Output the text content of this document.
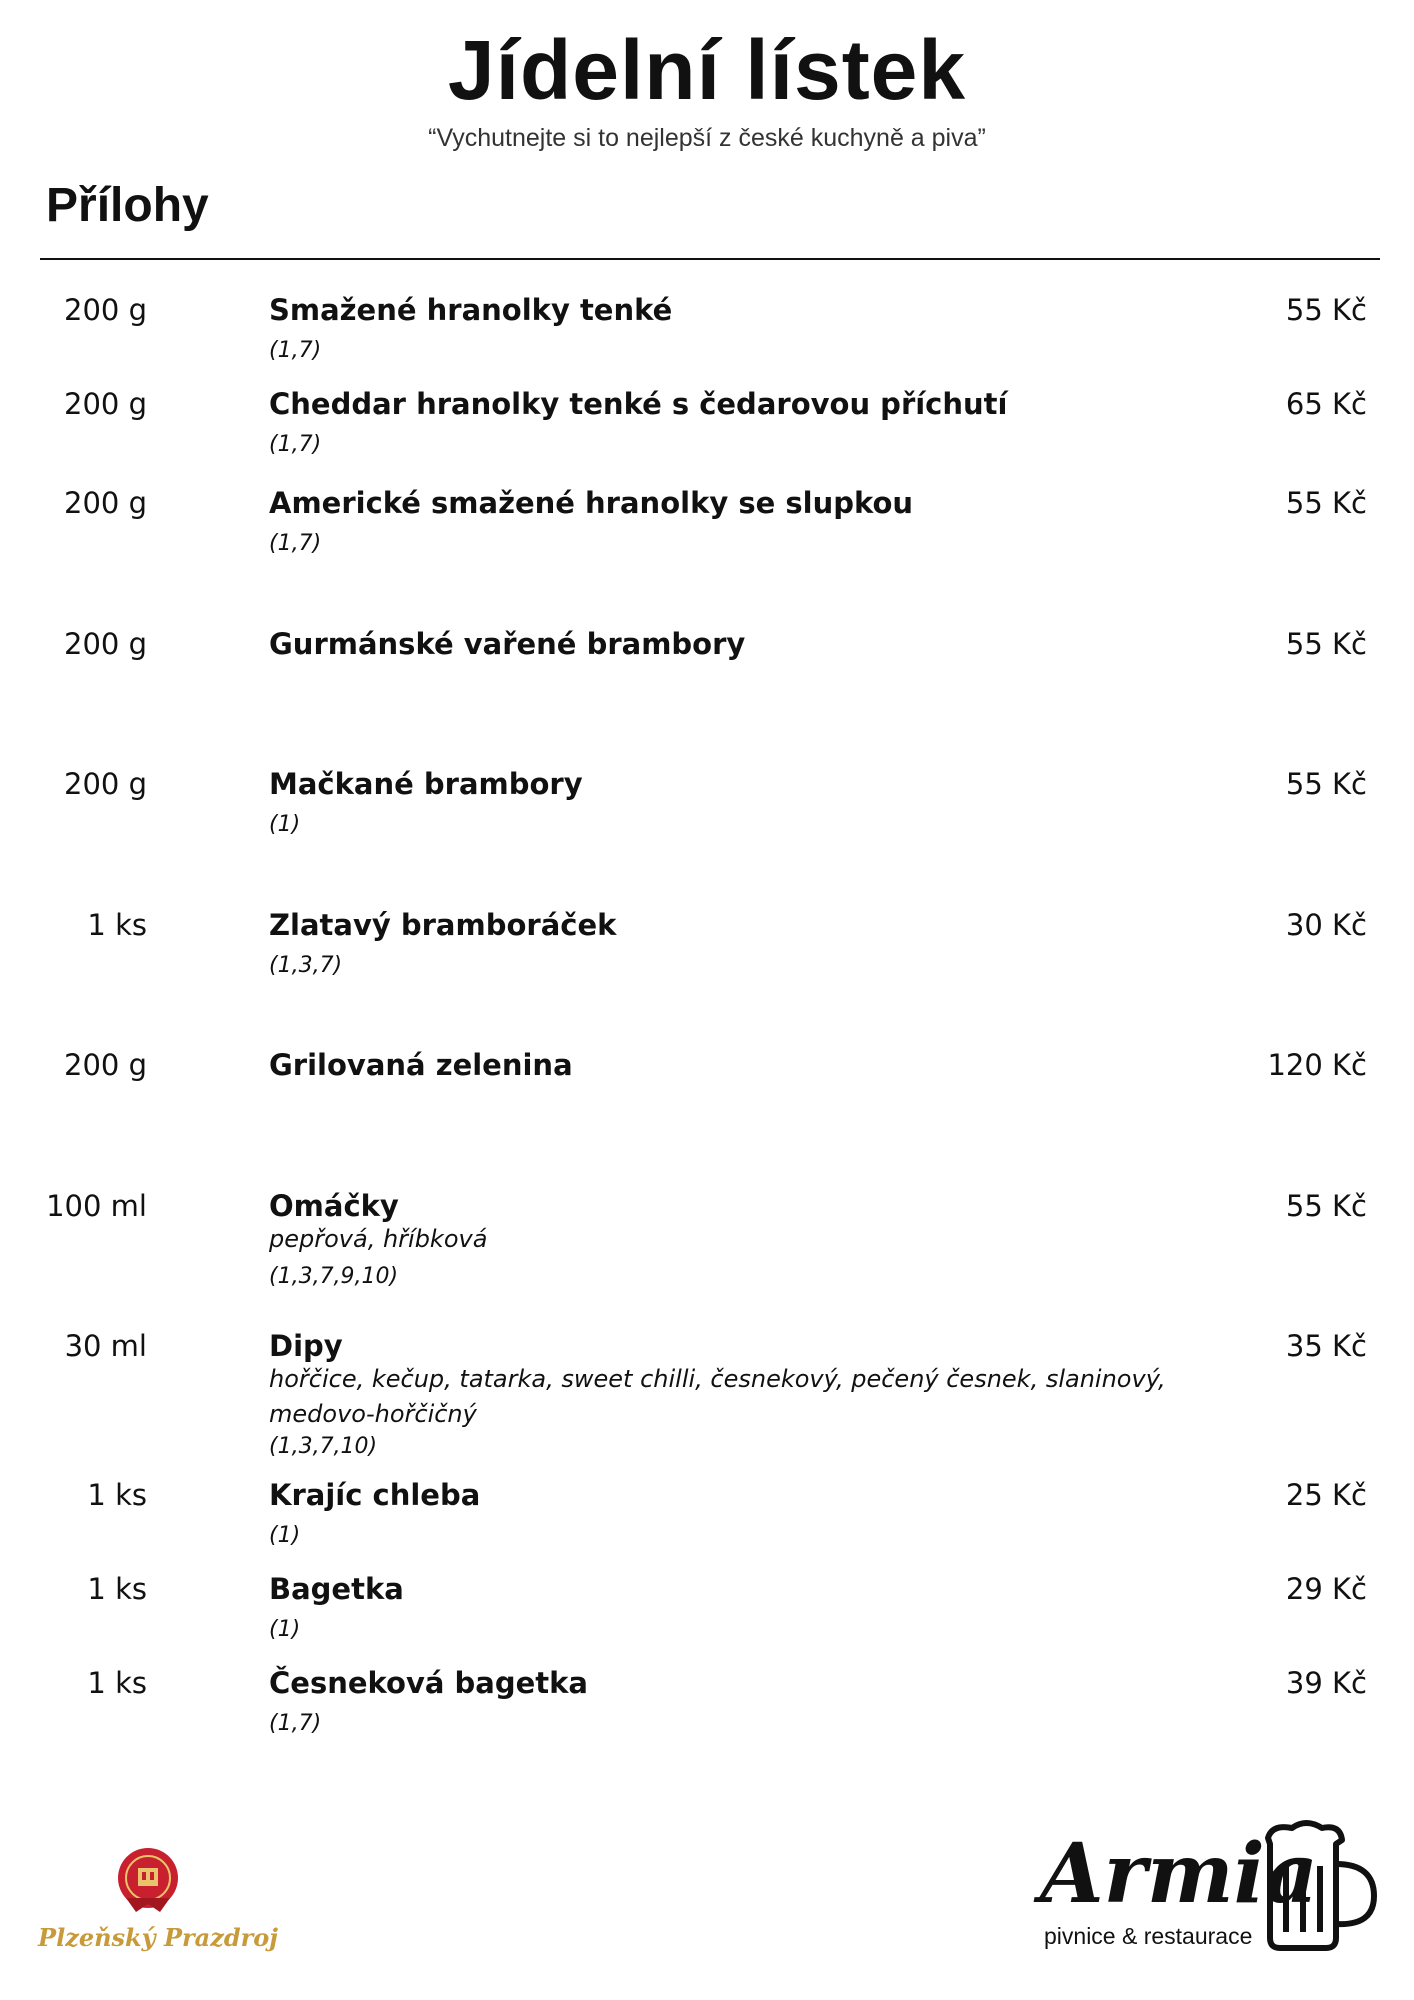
Jídelní lístek
“Vychutnejte si to nejlepší z české kuchyně a piva”
Přílohy
200 g	Smažené hranolky tenké	55 Kč
(1,7)
200 g	Cheddar hranolky tenké s čedarovou příchutí	65 Kč
(1,7)
200 g	Americké smažené hranolky se slupkou	55 Kč
(1,7)
200 g	Gurmánské vařené brambory	55 Kč
200 g	Mačkané brambory	55 Kč
(1)
1 ks	Zlatavý bramboráček	30 Kč
(1,3,7)
200 g	Grilovaná zelenina	120 Kč
100 ml	Omáčky	55 Kč
pepřová, hříbková
(1,3,7,9,10)
30 ml	Dipy	35 Kč
hořčice, kečup, tatarka, sweet chilli, česnekový, pečený česnek, slaninový, medovo-hořčičný
(1,3,7,10)
1 ks	Krajíc chleba	25 Kč
(1)
1 ks	Bagetka	29 Kč
(1)
1 ks	Česneková bagetka	39 Kč
(1,7)
Plzeňský Prazdroj
Armia
pivnice & restaurace
